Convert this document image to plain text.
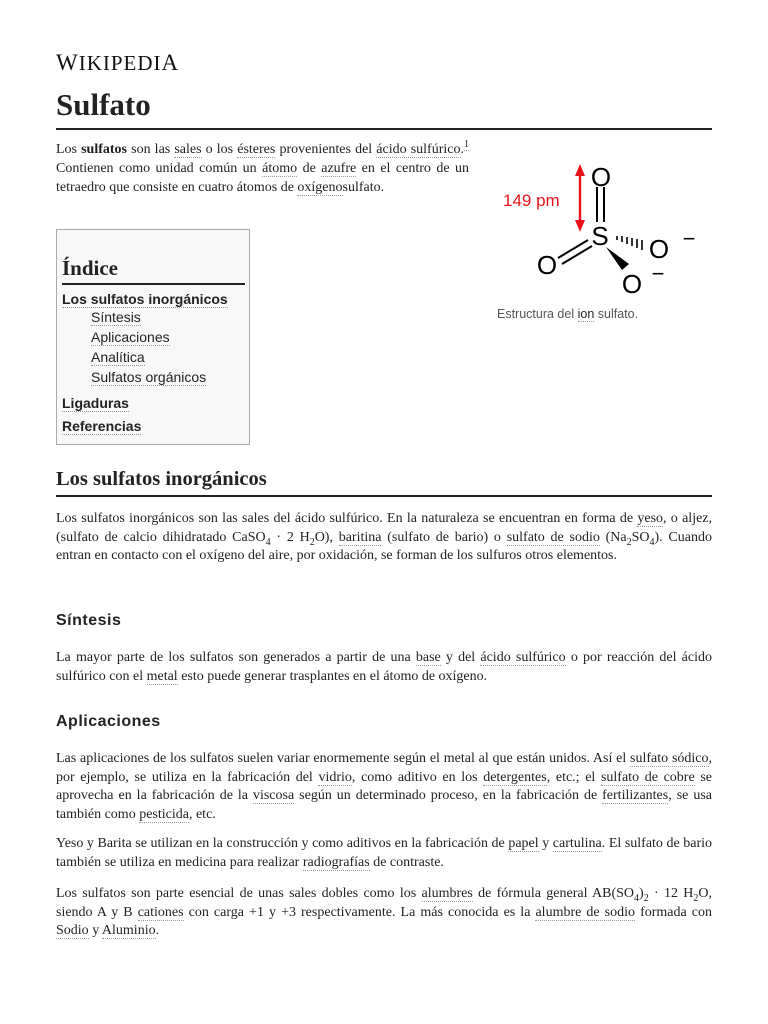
WIKIPEDIA
Sulfato

Los sulfatos son las sales o los ésteres provenientes del ácido sulfúrico.$^1$ Contienen como unidad común un átomo de azufre en el centro de un tetraedro que consiste en cuatro átomos de oxígenosulfato.

149 pm
O
S
O
O −
O −
Estructura del ion sulfato.
Índice
Los sulfatos inorgánicos
Síntesis
Aplicaciones
Analítica
Sulfatos orgánicos
Ligaduras
Referencias
Los sulfatos inorgánicos

Los sulfatos inorgánicos son las sales del ácido sulfúrico. En la naturaleza se encuentran en forma de yeso, o aljez, (sulfato de calcio dihidratado CaSO$_4$ · 2 $H_2O$), baritina (sulfato de bario) o sulfato de sodio $(Na_2SO_4)$. Cuando entran en contacto con el oxígeno del aire, por oxidación, se forman de los sulfuros otros elementos.

Síntesis

La mayor parte de los sulfatos son generados a partir de una base y del ácido sulfúrico o por reacción del ácido sulfúrico con el metal esto puede generar trasplantes en el átomo de oxígeno.

Aplicaciones

Las aplicaciones de los sulfatos suelen variar enormemente según el metal al que están unidos. Así el sulfato sódico, por ejemplo, se utiliza en la fabricación del vidrio, como aditivo en los detergentes, etc.; el sulfato de cobre se aprovecha en la fabricación de la viscosa según un determinado proceso, en la fabricación de fertilizantes, se usa también como pesticida, etc.

Yeso y Barita se utilizan en la construcción y como aditivos en la fabricación de papel y cartulina. El sulfato de bario también se utiliza en medicina para realizar radiografías de contraste.

Los sulfatos son parte esencial de unas sales dobles como los alumbres de fórmula general $AB(SO_4)_2 \cdot 12$ $H_2O$, siendo A y B cationes con carga +1 y +3 respectivamente. La más conocida es la alumbre de sodio formada con Sodio y Aluminio.
